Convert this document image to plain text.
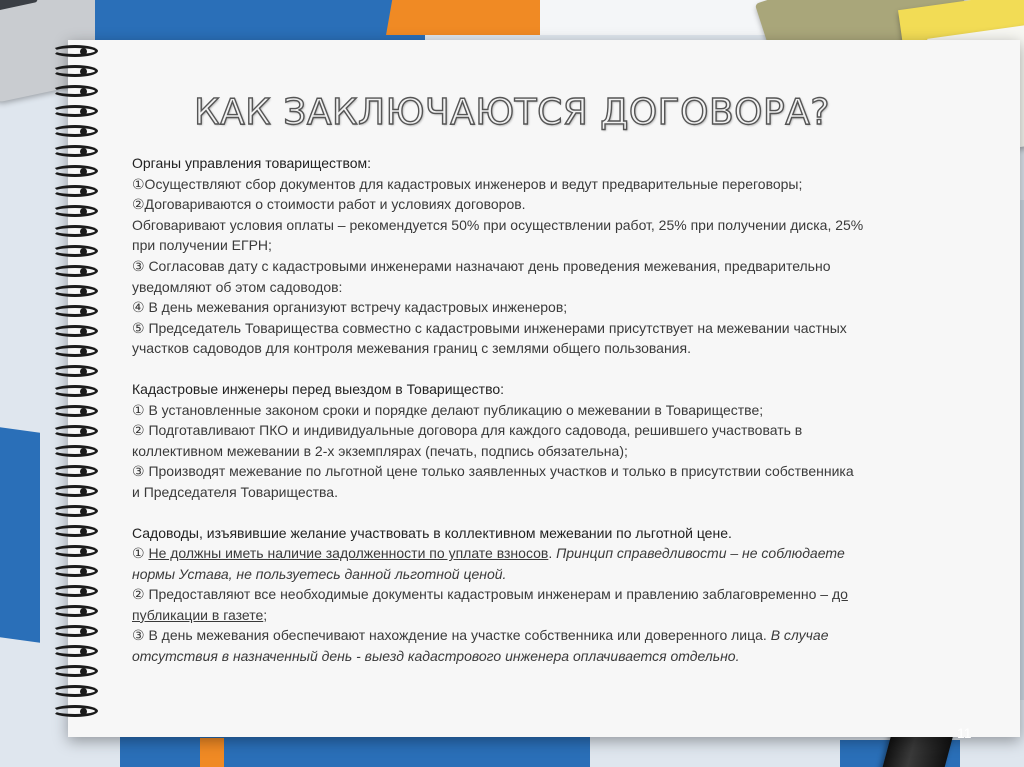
КАК ЗАКЛЮЧАЮТСЯ ДОГОВОРА?

Органы управления товариществом:

①Осуществляют сбор документов для кадастровых инженеров и ведут предварительные переговоры;

②Договариваются о стоимости работ и условиях договоров.

Обговаривают условия оплаты – рекомендуется 50% при осуществлении работ, 25% при получении диска, 25%

при получении ЕГРН;

③ Согласовав дату с кадастровыми инженерами назначают день проведения межевания, предварительно

уведомляют об этом садоводов:

④ В день межевания организуют встречу кадастровых инженеров;

⑤ Председатель Товарищества совместно с кадастровыми инженерами присутствует на межевании частных

участков садоводов для контроля межевания границ с землями общего пользования.

Кадастровые инженеры перед выездом в Товарищество:

① В установленные законом сроки и порядке делают публикацию о межевании в Товариществе;

② Подготавливают ПКО и индивидуальные договора для каждого садовода, решившего участвовать в

коллективном межевании в 2-х экземплярах (печать, подпись обязательна);

③ Производят межевание по льготной цене только заявленных участков и только в присутствии собственника

и Председателя Товарищества.

Садоводы, изъявившие желание участвовать в коллективном межевании по льготной цене.

① Не должны иметь наличие задолженности по уплате взносов. Принцип справедливости – не соблюдаете

нормы Устава, не пользуетесь данной льготной ценой.

② Предоставляют все необходимые документы кадастровым инженерам и правлению заблаговременно – до

публикации в газете;

③ В день межевания обеспечивают нахождение на участке собственника или доверенного лица. В случае

отсутствия в назначенный день - выезд кадастрового инженера оплачивается отдельно.

11
